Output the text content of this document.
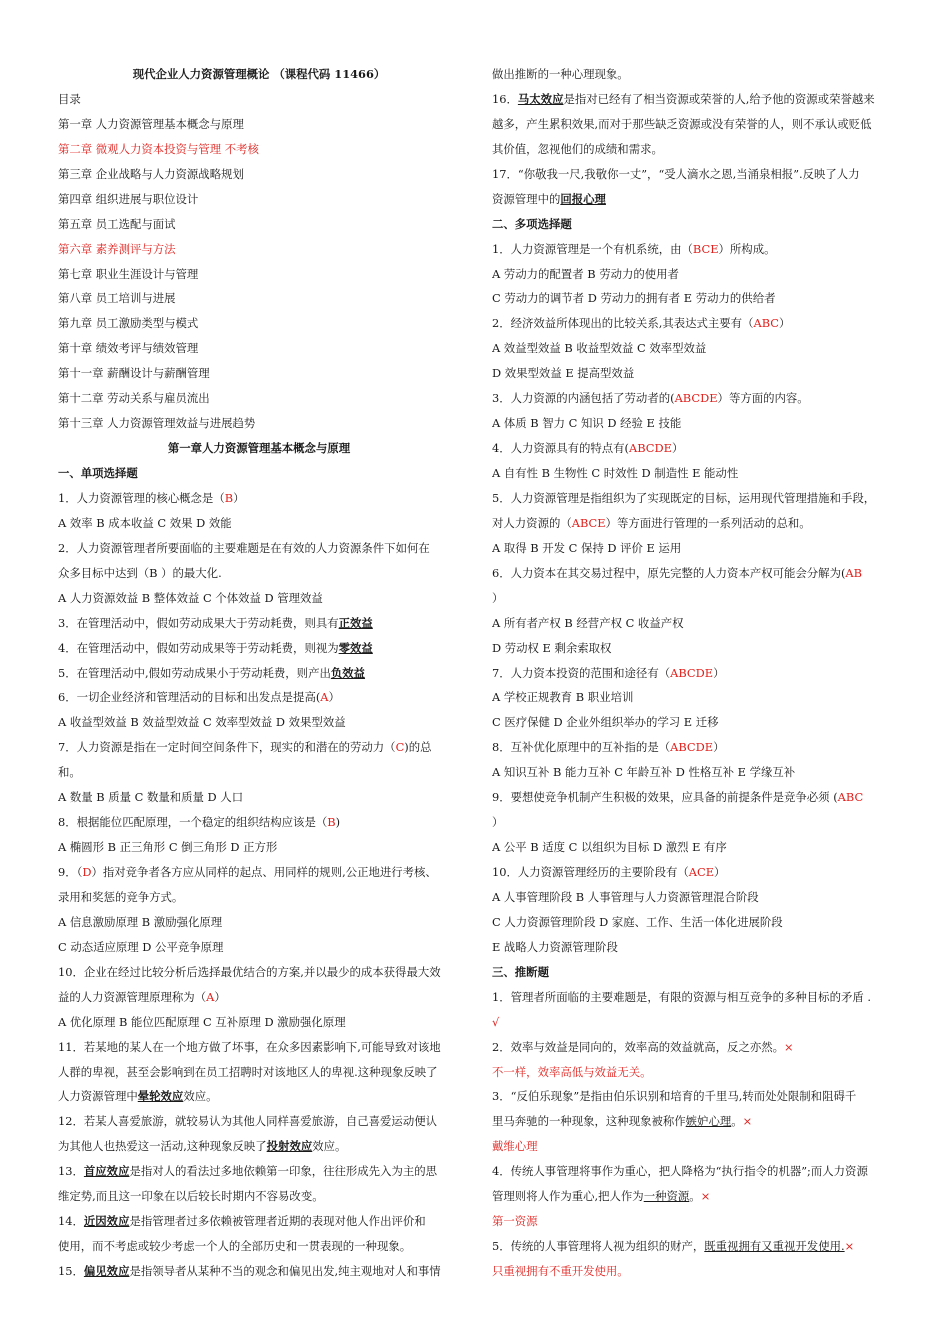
现代企业人力资源管理概论 （课程代码 11466）
目录
第一章 人力资源管理基本概念与原理
第二章 微观人力资本投资与管理 不考核
第三章 企业战略与人力资源战略规划
第四章 组织进展与职位设计
第五章 员工选配与面试
第六章 素养测评与方法
第七章 职业生涯设计与管理
第八章 员工培训与进展
第九章 员工激励类型与模式
第十章 绩效考评与绩效管理
第十一章 薪酬设计与薪酬管理
第十二章 劳动关系与雇员流出
第十三章 人力资源管理效益与进展趋势
第一章人力资源管理基本概念与原理
一、单项选择题
1．人力资源管理的核心概念是（B）
A 效率 B 成本收益 C 效果 D 效能
2．人力资源管理者所要面临的主要难题是在有效的人力资源条件下如何在
众多目标中达到（B ）的最大化.
A 人力资源效益 B 整体效益 C 个体效益 D 管理效益
3．在管理活动中，假如劳动成果大于劳动耗费，则具有正效益
4．在管理活动中，假如劳动成果等于劳动耗费，则视为零效益
5．在管理活动中,假如劳动成果小于劳动耗费，则产出负效益
6．一切企业经济和管理活动的目标和出发点是提高(A）
A 收益型效益 B 效益型效益 C 效率型效益 D 效果型效益
7．人力资源是指在一定时间空间条件下，现实的和潜在的劳动力（C)的总
和。
A 数量 B 质量 C 数量和质量 D 人口
8．根据能位匹配原理，一个稳定的组织结构应该是（B)
A 椭圆形 B 正三角形 C 倒三角形 D 正方形
9．（D）指对竞争者各方应从同样的起点、用同样的规则,公正地进行考核、
录用和奖惩的竞争方式。
A 信息激励原理 B 激励强化原理
C 动态适应原理 D 公平竞争原理
10．企业在经过比较分析后选择最优结合的方案,并以最少的成本获得最大效
益的人力资源管理原理称为（A）
A 优化原理 B 能位匹配原理 C 互补原理 D 激励强化原理
11．若某地的某人在一个地方做了坏事，在众多因素影响下,可能导致对该地
人群的卑视，甚至会影响到在员工招聘时对该地区人的卑视.这种现象反映了
人力资源管理中晕轮效应效应。
12．若某人喜爱旅游，就较易认为其他人同样喜爱旅游，自己喜爱运动便认
为其他人也热爱这一活动,这种现象反映了投射效应效应。
13．首应效应是指对人的看法过多地依赖第一印象，往往形成先入为主的思
维定势,而且这一印象在以后较长时期内不容易改变。
14．近因效应是指管理者过多依赖被管理者近期的表现对他人作出评价和
使用，而不考虑或较少考虑一个人的全部历史和一贯表现的一种现象。
15．偏见效应是指领导者从某种不当的观念和偏见出发,纯主观地对人和事情
做出推断的一种心理现象。
16．马太效应是指对已经有了相当资源或荣誉的人,给予他的资源或荣誉越来
越多，产生累积效果,而对于那些缺乏资源或没有荣誉的人，则不承认或贬低
其价值，忽视他们的成绩和需求。
17．“你敬我一尺,我敬你一丈”，“受人滴水之恩,当涌泉相报”.反映了人力
资源管理中的回报心理
二、多项选择题
1．人力资源管理是一个有机系统，由（BCE）所构成。
A 劳动力的配置者 B 劳动力的使用者
C 劳动力的调节者 D 劳动力的拥有者 E 劳动力的供给者
2．经济效益所体现出的比较关系,其表达式主要有（ABC）
A 效益型效益 B 收益型效益 C 效率型效益
D 效果型效益 E 提高型效益
3．人力资源的内涵包括了劳动者的(ABCDE）等方面的内容。
A 体质 B 智力 C 知识 D 经验 E 技能
4．人力资源具有的特点有(ABCDE）
A 自有性 B 生物性 C 时效性 D 制造性 E 能动性
5．人力资源管理是指组织为了实现既定的目标，运用现代管理措施和手段，
对人力资源的（ABCE）等方面进行管理的一系列活动的总和。
A 取得 B 开发 C 保持 D 评价 E 运用
6．人力资本在其交易过程中，原先完整的人力资本产权可能会分解为(AB
）
A 所有者产权 B 经营产权 C 收益产权
D 劳动权 E 剩余索取权
7．人力资本投资的范围和途径有（ABCDE）
A 学校正规教育 B 职业培训
C 医疗保健 D 企业外组织举办的学习 E 迁移
8．互补优化原理中的互补指的是（ABCDE）
A 知识互补 B 能力互补 C 年龄互补 D 性格互补 E 学缘互补
9．要想使竞争机制产生积极的效果，应具备的前提条件是竞争必须 (ABC
）
A 公平 B 适度 C 以组织为目标 D 激烈 E 有序
10．人力资源管理经历的主要阶段有（ACE）
A 人事管理阶段 B 人事管理与人力资源管理混合阶段
C 人力资源管理阶段 D 家庭、工作、生活一体化进展阶段
E 战略人力资源管理阶段
三、推断题
1．管理者所面临的主要难题是，有限的资源与相互竞争的多种目标的矛盾 .
√
2．效率与效益是同向的，效率高的效益就高，反之亦然。×
不一样，效率高低与效益无关。
3．“反伯乐现象”是指由伯乐识别和培育的千里马,转而处处限制和阻碍千
里马奔驰的一种现象，这种现象被称作嫉妒心理。×
戴维心理
4．传统人事管理将事作为重心，把人降格为“执行指令的机器”;而人力资源
管理则将人作为重心,把人作为一种资源。×
第一资源
5．传统的人事管理将人视为组织的财产，既重视拥有又重视开发使用.×
只重视拥有不重开发使用。
